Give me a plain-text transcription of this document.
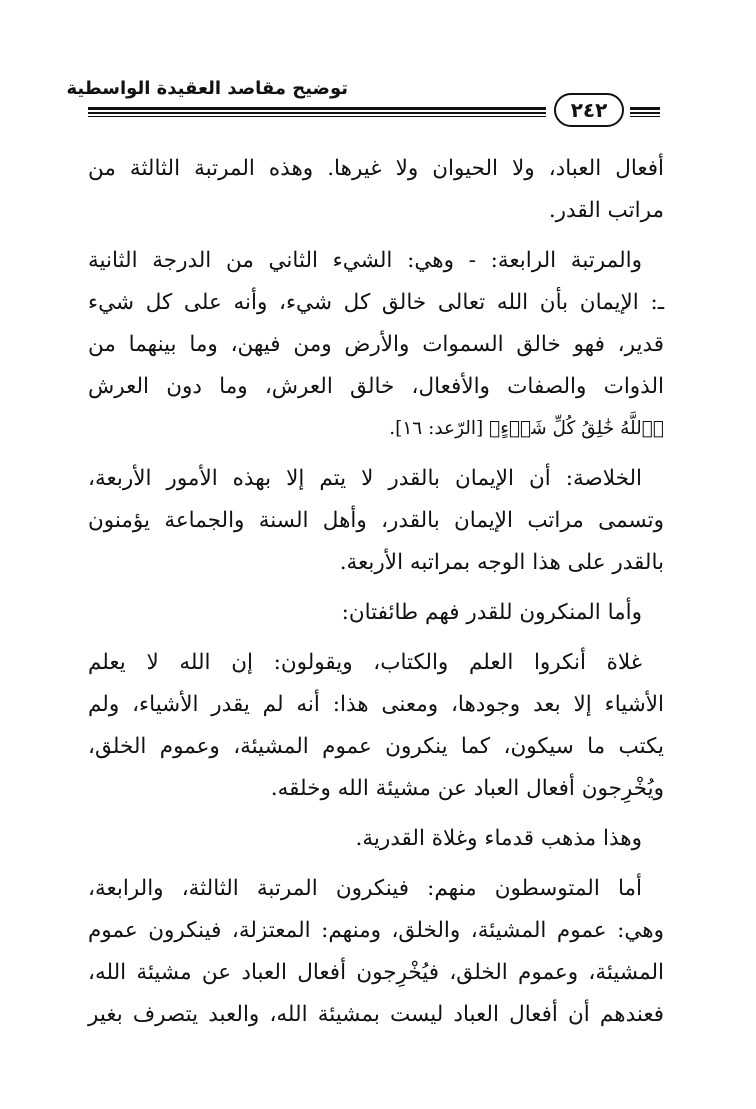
توضيح مقاصد العقيدة الواسطية
٢٤٢
أفعال العباد، ولا الحيوان ولا غيرها. وهذه المرتبة الثالثة من
مراتب القدر.
والمرتبة الرابعة: - وهي: الشيء الثاني من الدرجة الثانية
ـ: الإيمان بأن الله تعالى خالق كل شيء، وأنه على كل شيء
قدير، فهو خالق السموات والأرض ومن فيهن، وما بينهما من
الذوات والصفات والأفعال، خالق العرش، وما دون العرش
﴿ٱللَّهُ خَٰلِقُ كُلِّ شَيۡءٍ﴾ [الرّعد: ١٦].
الخلاصة: أن الإيمان بالقدر لا يتم إلا بهذه الأمور الأربعة،
وتسمى مراتب الإيمان بالقدر، وأهل السنة والجماعة يؤمنون
بالقدر على هذا الوجه بمراتبه الأربعة.
وأما المنكرون للقدر فهم طائفتان:
غلاة أنكروا العلم والكتاب، ويقولون: إن الله لا يعلم
الأشياء إلا بعد وجودها، ومعنى هذا: أنه لم يقدر الأشياء، ولم
يكتب ما سيكون، كما ينكرون عموم المشيئة، وعموم الخلق،
ويُخْرِجون أفعال العباد عن مشيئة الله وخلقه.
وهذا مذهب قدماء وغلاة القدرية.
أما المتوسطون منهم: فينكرون المرتبة الثالثة، والرابعة،
وهي: عموم المشيئة، والخلق، ومنهم: المعتزلة، فينكرون عموم
المشيئة، وعموم الخلق، فيُخْرِجون أفعال العباد عن مشيئة الله،
فعندهم أن أفعال العباد ليست بمشيئة الله، والعبد يتصرف بغير
